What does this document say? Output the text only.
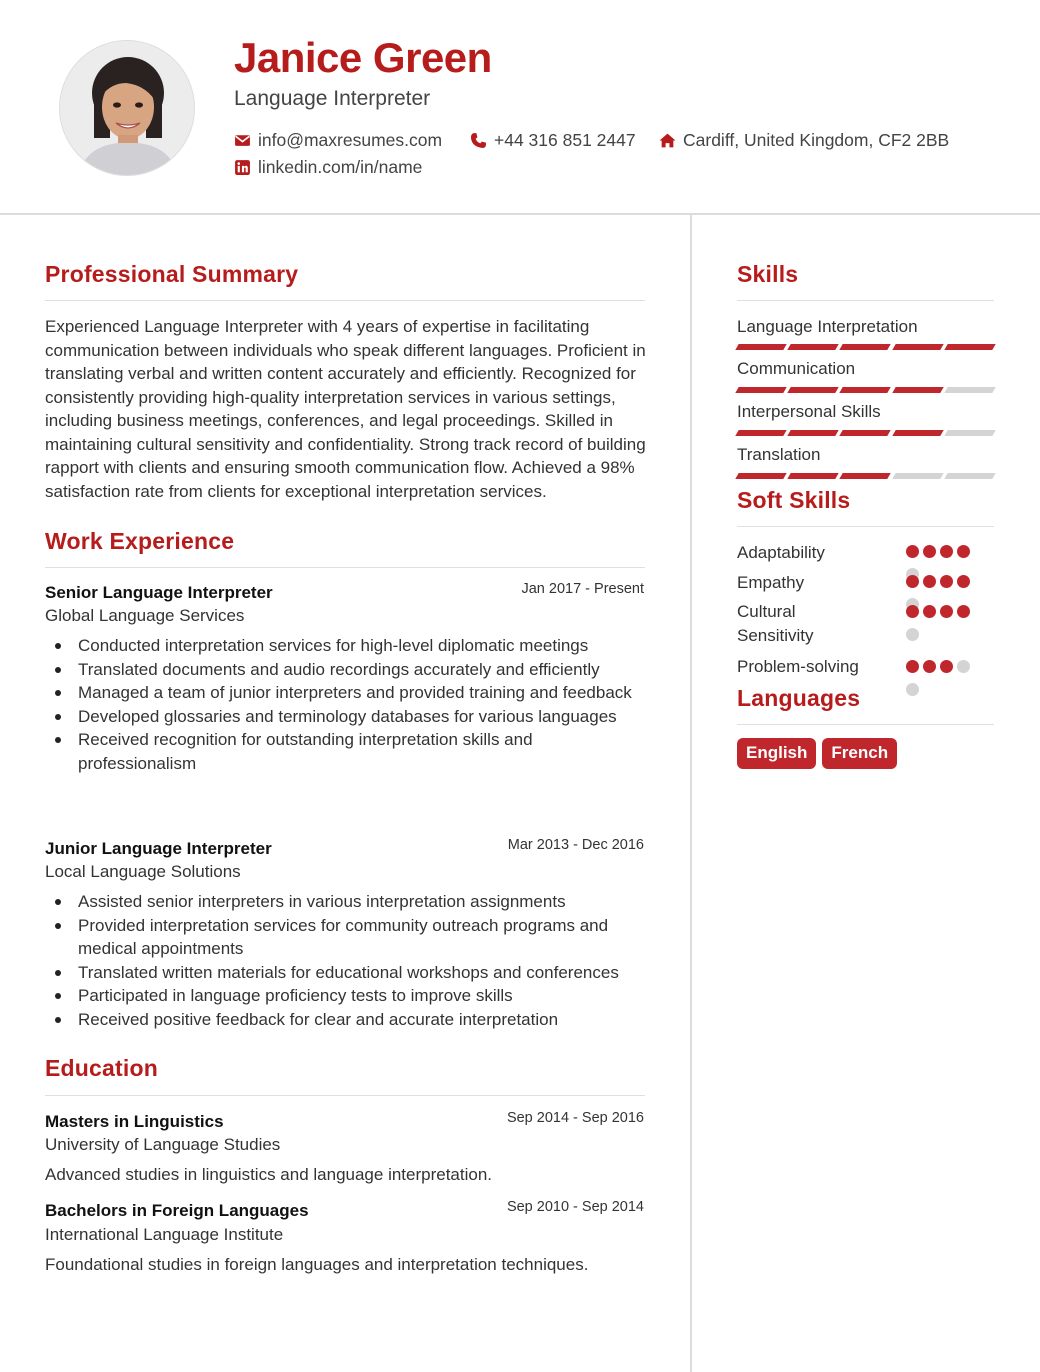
Janice Green
Language Interpreter
info@maxresumes.com	+44 316 851 2447	Cardiff, United Kingdom, CF2 2BB
linkedin.com/in/name
Professional Summary
Experienced Language Interpreter with 4 years of expertise in facilitating communication between individuals who speak different languages. Proficient in translating verbal and written content accurately and efficiently. Recognized for consistently providing high-quality interpretation services in various settings, including business meetings, conferences, and legal proceedings. Skilled in maintaining cultural sensitivity and confidentiality. Strong track record of building rapport with clients and ensuring smooth communication flow. Achieved a 98% satisfaction rate from clients for exceptional interpretation services.
Work Experience
Senior Language Interpreter	Jan 2017 - Present
Global Language Services
Conducted interpretation services for high-level diplomatic meetings
Translated documents and audio recordings accurately and efficiently
Managed a team of junior interpreters and provided training and feedback
Developed glossaries and terminology databases for various languages
Received recognition for outstanding interpretation skills and professionalism
Junior Language Interpreter	Mar 2013 - Dec 2016
Local Language Solutions
Assisted senior interpreters in various interpretation assignments
Provided interpretation services for community outreach programs and medical appointments
Translated written materials for educational workshops and conferences
Participated in language proficiency tests to improve skills
Received positive feedback for clear and accurate interpretation
Education
Masters in Linguistics	Sep 2014 - Sep 2016
University of Language Studies
Advanced studies in linguistics and language interpretation.
Bachelors in Foreign Languages	Sep 2010 - Sep 2014
International Language Institute
Foundational studies in foreign languages and interpretation techniques.
Skills
Language Interpretation
Communication
Interpersonal Skills
Translation
Soft Skills
Adaptability
Empathy
Cultural Sensitivity
Problem-solving
Languages
English	French
